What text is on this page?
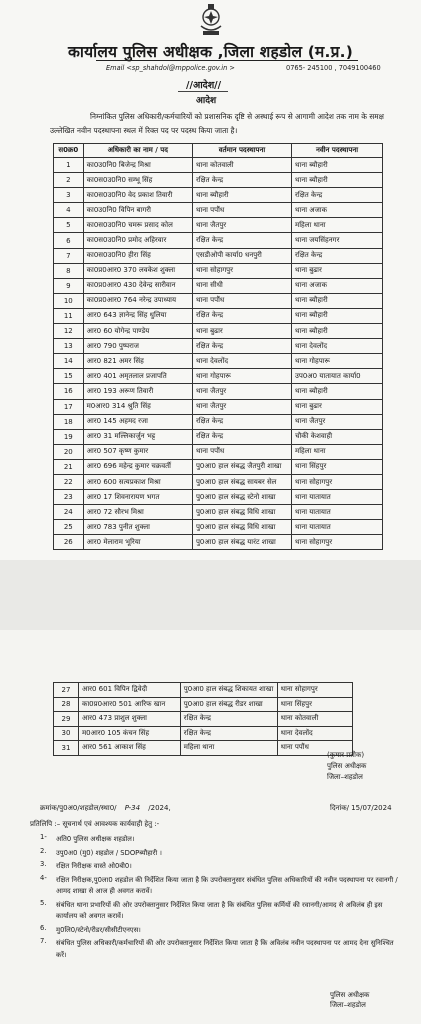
कार्यालय पुलिस अधीक्षक ,जिला शहडोल (म.प्र.)
Email <sp_shahdol@mppolice.gov.in >	0765- 245100 , 7049100460
//आदेश//
आदेश
निम्नांकित पुलिस अधिकारी/कर्मचारियों को प्रशासनिक दृष्टि से अस्थाई रूप से आगामी आदेश तक नाम के समक्ष उल्लेखित नवीन पदस्थापना स्थल में रिक्त पद पर पदस्थ किया जाता है।
स0क्र0	अधिकारी का नाम / पद	वर्तमान पदस्थापना	नवीन पदस्थापना
1	का0उ0नि0 बिजेन्द्र मिश्रा	थाना कोतवाली	थाना ब्यौहारी
2	का0स0उ0नि0 सम्भू सिंह	रक्षित केन्द्र	थाना ब्यौहारी
3	का0स0उ0नि0 वेद प्रकाश तिवारी	थाना ब्यौहारी	रक्षित केन्द्र
4	का0उ0नि0 विपिन बागरी	थाना पपौंध	थाना अजाक
5	का0स0उ0नि0 चमरू प्रसाद कोल	थाना जैतपुर	महिला थाना
6	का0स0उ0नि0 प्रमोद अहिरवार	रक्षित केन्द्र	थाना जयसिंहनगर
7	का0स0उ0नि0 हीरा सिंह	एसडीओपी कार्या0 धनपुरी	रक्षित केन्द्र
8	का0प्र0आर0 370 लवकेश शुक्ला	थाना सोहागपुर	थाना बुढार
9	का0प्र0आर0 430 देवेन्द्र सारीवान	थाना सीधी	थाना अजाक
10	का0प्र0आर0 764 नरेन्द्र उपाध्याय	थाना पपौंध	थाना ब्यौहारी
11	आर0 643 ज्ञानेन्द्र सिंह धुलिया	रक्षित केन्द्र	थाना ब्यौहारी
12	आर0 60 योगेन्द्र पाण्डेय	थाना बुढार	थाना ब्यौहारी
13	आर0 790 पुष्पराज	रक्षित केन्द्र	थाना देवलोंद
14	आर0 821 अमर सिंह	थाना देवलोंद	थाना गोहपारू
15	आर0 401 अमृतलाल प्रजापति	थाना गोहपारू	उप0अ0 यातायात कार्या0
16	आर0 193 अरूण तिवारी	थाना जैतपुर	थाना ब्यौहारी
17	म0आर0 314 श्रुति सिंह	थाना जैतपुर	थाना बुढार
18	आर0 145 अहमद रजा	रक्षित केन्द्र	थाना जैतपुर
19	आर0 31 मल्लिकार्जुन भट्ट	रक्षित केन्द्र	चौकी केशवाही
20	आर0 507 कृष्ण कुमार	थाना पपौंध	महिला थाना
21	आर0 696 महेन्द्र कुमार चक्रवर्ती	पु0आ0 हाल संबद्ध जैतपुरी शाखा	थाना सिंहपुर
22	आर0 600 सत्यप्रकाश मिश्रा	पु0आ0 हाल संबद्ध सायबर सेल	थाना सोहागपुर
23	आर0 17 शिवनारायण भगत	पु0आ0 हाल संबद्ध स्टेनो शाखा	थाना यातायात
24	आर0 72 सौरभ मिश्रा	पु0आ0 हाल संबद्ध विधि शाखा	थाना यातायात
25	आर0 783 पुनीत शुक्ला	पु0आ0 हाल संबद्ध विधि शाखा	थाना यातायात
26	आर0 मेलाराम भूरिया	पु0आ0 हाल संबद्ध यारंट शाखा	थाना सोहागपुर
27	आर0 601 विपिन द्विवेदी	पु0आ0 हाल संबद्ध शिकायत शाखा	थाना सोहागपुर
28	का0प्र0आर0 501 आरिफ खान	पु0आ0 हाल संबद्ध रीडर शाखा	थाना सिंहपुर
29	आर0 473 प्राशुल शुक्ला	रक्षित केन्द्र	थाना कोतवाली
30	म0आर0 105 कंचन सिंह	रक्षित केन्द्र	थाना देवलोंद
31	आर0 561 आकाश सिंह	महिला थाना	थाना पपौंध
(कुमार प्रतीक)
पुलिस अधीक्षक
जिला–शहडोल
क्रमांक/पु0अ0/शहडोल/स्था0/ P-34 /2024,	दिनांक/ 15/07/2024
प्रतिलिपि :– सूचनार्थ एवं आवश्यक कार्यवाही हेतु :-
1-	अति0 पुलिस अधीक्षक शहडोल।
2.	उपु0अ0 (मु0) शहडोल / SDOPब्यौहारी ।
3.	रक्षित निरीक्षक वास्ते ओ0बी0।
4-	रक्षित निरीक्षक,पु0ला0 शहडोल की निर्देशित किया जाता है कि उपरोक्तानुसार संबंधित पुलिस अधिकारियों की नवीन पदस्थापना पर रवानगी /आमद शाखा से आज ही अवगत करावें।
5.	संबंधित थाना प्रभारियों की ओर उपरोक्तानुसार निर्देशित किया जाता है कि संबंधित पुलिस कर्मियों की रवानगी/आमद से अविलंब ही इस कार्यालय को अवगत करावें।
6.	मु0लि0/स्टेनो/रीडर/सीसीटीएनएस।
7.	संबंधित पुलिस अधिकारी/कर्मचारियों की ओर उपरोक्तानुसार निर्देशित किया जाता है कि अविलंब नवीन पदस्थापना पर आमद देना सुनिश्चित करें।
पुलिस अधीक्षक
जिला–शहडोल
